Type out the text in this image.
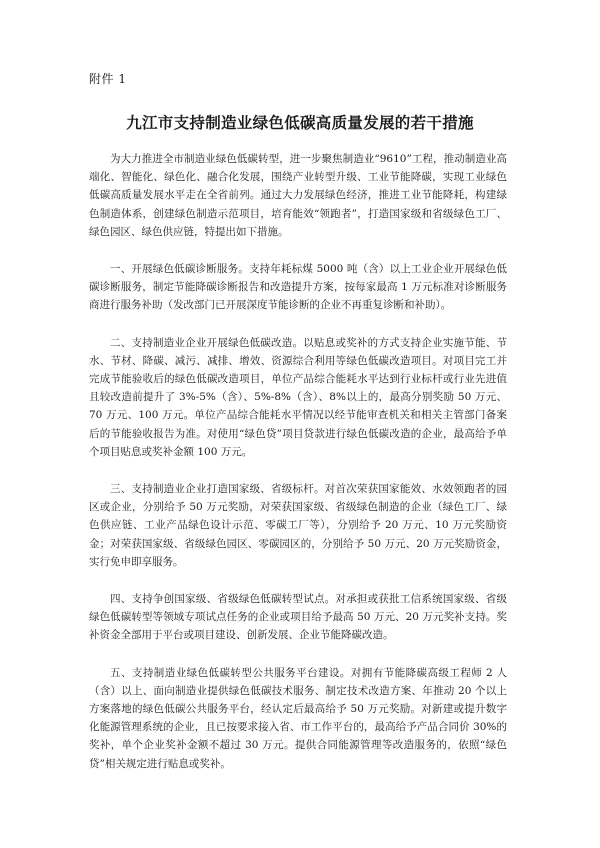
附件 1
九江市支持制造业绿色低碳高质量发展的若干措施

为大力推进全市制造业绿色低碳转型，进一步聚焦制造业“9610”工程，推动制造业高端化、智能化、绿色化、融合化发展，围绕产业转型升级、工业节能降碳，实现工业绿色低碳高质量发展水平走在全省前列。通过大力发展绿色经济，推进工业节能降耗，构建绿色制造体系，创建绿色制造示范项目，培育能效“领跑者”，打造国家级和省级绿色工厂、绿色园区、绿色供应链，特提出如下措施。

一、开展绿色低碳诊断服务。支持年耗标煤 5000 吨（含）以上工业企业开展绿色低碳诊断服务，制定节能降碳诊断报告和改造提升方案，按每家最高 1 万元标准对诊断服务商进行服务补助（发改部门已开展深度节能诊断的企业不再重复诊断和补助）。

二、支持制造业企业开展绿色低碳改造。以贴息或奖补的方式支持企业实施节能、节水、节材、降碳、减污、减排、增效、资源综合利用等绿色低碳改造项目。对项目完工并完成节能验收后的绿色低碳改造项目，单位产品综合能耗水平达到行业标杆或行业先进值且较改造前提升了 3%-5%（含）、5%-8%（含）、8%以上的，最高分别奖励 50 万元、70 万元、100 万元。单位产品综合能耗水平情况以经节能审查机关和相关主管部门备案后的节能验收报告为准。对使用“绿色贷”项目贷款进行绿色低碳改造的企业，最高给予单个项目贴息或奖补金额 100 万元。

三、支持制造业企业打造国家级、省级标杆。对首次荣获国家能效、水效领跑者的园区或企业，分别给予 50 万元奖励，对荣获国家级、省级绿色制造的企业（绿色工厂、绿色供应链、工业产品绿色设计示范、零碳工厂等），分别给予 20 万元、10 万元奖励资金；对荣获国家级、省级绿色园区、零碳园区的，分别给予 50 万元、20 万元奖励资金，实行免申即享服务。

四、支持争创国家级、省级绿色低碳转型试点。对承担或获批工信系统国家级、省级绿色低碳转型等领域专项试点任务的企业或项目给予最高 50 万元、20 万元奖补支持。奖补资金全部用于平台或项目建设、创新发展、企业节能降碳改造。

五、支持制造业绿色低碳转型公共服务平台建设。对拥有节能降碳高级工程师 2 人（含）以上、面向制造业提供绿色低碳技术服务、制定技术改造方案、年推动 20 个以上方案落地的绿色低碳公共服务平台，经认定后最高给予 50 万元奖励。对新建或提升数字化能源管理系统的企业，且已按要求接入省、市工作平台的，最高给予产品合同价 30%的奖补，单个企业奖补金额不超过 30 万元。提供合同能源管理等改造服务的，依照“绿色贷”相关规定进行贴息或奖补。
